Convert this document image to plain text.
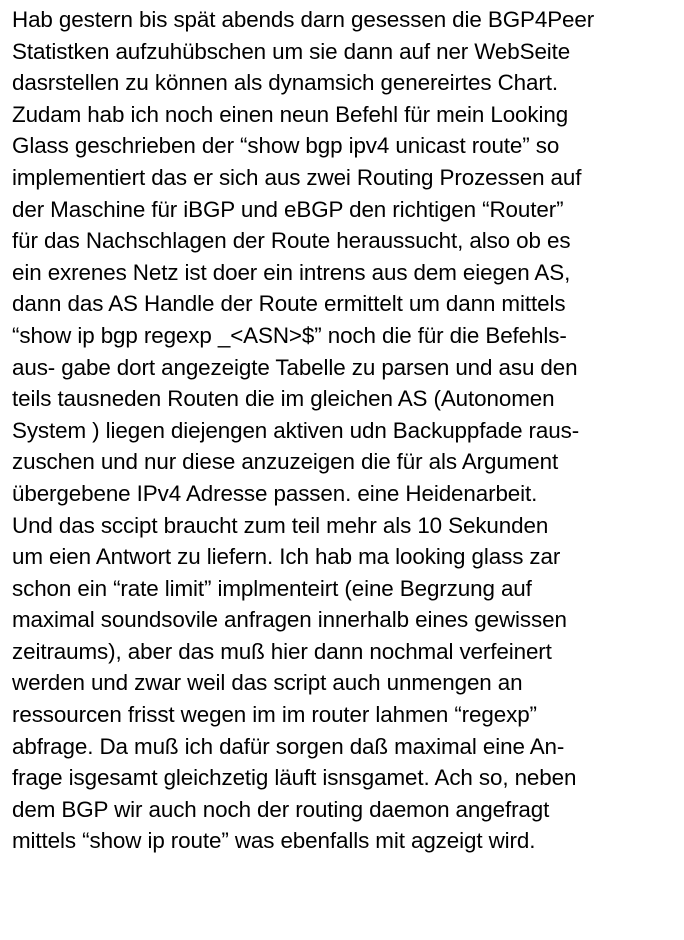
Hab gestern bis spät abends darn gesessen die BGP4Peer
Statistken aufzuhübschen um sie dann auf ner WebSeite
dasrstellen zu können als dynamsich genereirtes Chart.
Zudam hab ich noch einen neun Befehl für mein Looking
Glass geschrieben der “show bgp ipv4 unicast route” so
implementiert das er sich aus zwei Routing Prozessen auf
der Maschine für iBGP und eBGP den richtigen “Router”
für das Nachschlagen der Route heraussucht, also ob es
ein exrenes Netz ist doer ein intrens aus dem eiegen AS,
dann das AS Handle der Route ermittelt um dann mittels
“show ip bgp regexp _<ASN>$” noch die für die Befehls-
aus- gabe dort angezeigte Tabelle zu parsen und asu den
teils tausneden Routen die im gleichen AS (Autonomen
System ) liegen diejengen aktiven udn Backuppfade raus-
zuschen und nur diese anzuzeigen die für als Argument
übergebene IPv4 Adresse passen. eine Heidenarbeit.
Und das sccipt braucht zum teil mehr als 10 Sekunden
um eien Antwort zu liefern. Ich hab ma looking glass zar
schon ein “rate limit” implmenteirt (eine Begrzung auf
maximal soundsovile anfragen innerhalb eines gewissen
zeitraums), aber das muß hier dann nochmal verfeinert
werden und zwar weil das script auch unmengen an
ressourcen frisst wegen im im router lahmen “regexp”
abfrage. Da muß ich dafür sorgen daß maximal eine An-
frage isgesamt gleichzetig läuft isnsgamet. Ach so, neben
dem BGP wir auch noch der routing daemon angefragt
mittels “show ip route” was ebenfalls mit agzeigt wird.
